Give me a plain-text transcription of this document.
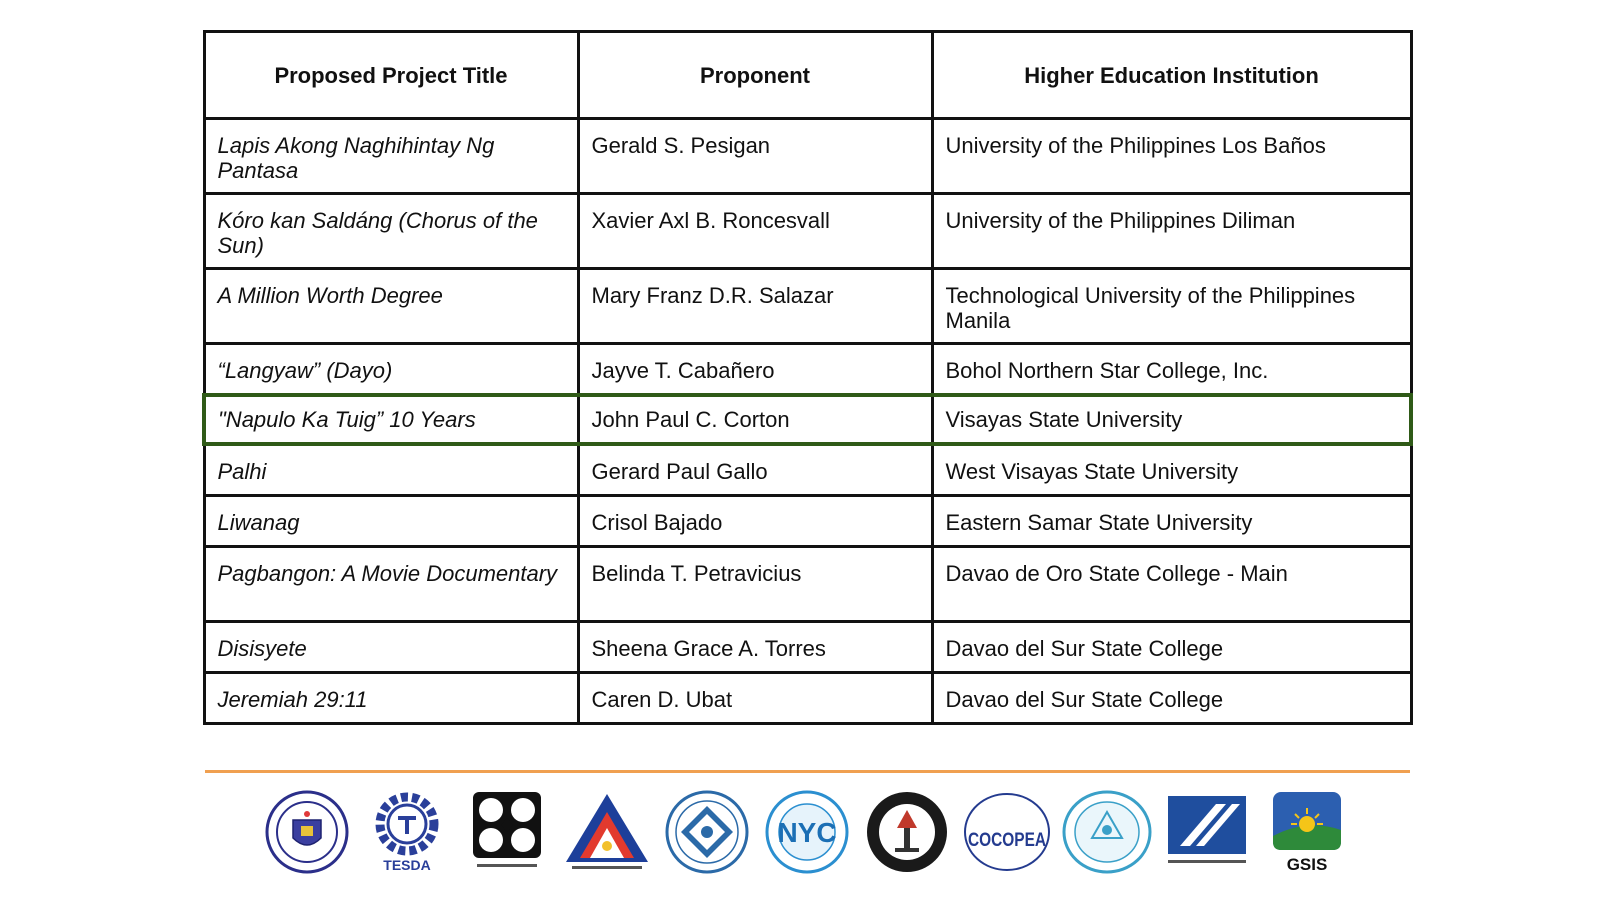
Proposed Project Title	Proponent	Higher Education Institution
Lapis Akong Naghihintay Ng Pantasa	Gerald S. Pesigan	University of the Philippines Los Baños
Kóro kan Saldáng (Chorus of the Sun)	Xavier Axl B. Roncesvall	University of the Philippines Diliman
A Million Worth Degree	Mary Franz D.R. Salazar	Technological University of the Philippines Manila
“Langyaw” (Dayo)	Jayve T. Cabañero	Bohol Northern Star College, Inc.
"Napulo Ka Tuig” 10 Years	John Paul C. Corton	Visayas State University
Palhi	Gerard Paul Gallo	West Visayas State University
Liwanag	Crisol Bajado	Eastern Samar State University
Pagbangon: A Movie Documentary	Belinda T. Petravicius	Davao de Oro State College - Main
Disisyete	Sheena Grace A. Torres	Davao del Sur State College
Jeremiah 29:11	Caren D. Ubat	Davao del Sur State College
TESDA
NYC	COCOPEA
GSIS
